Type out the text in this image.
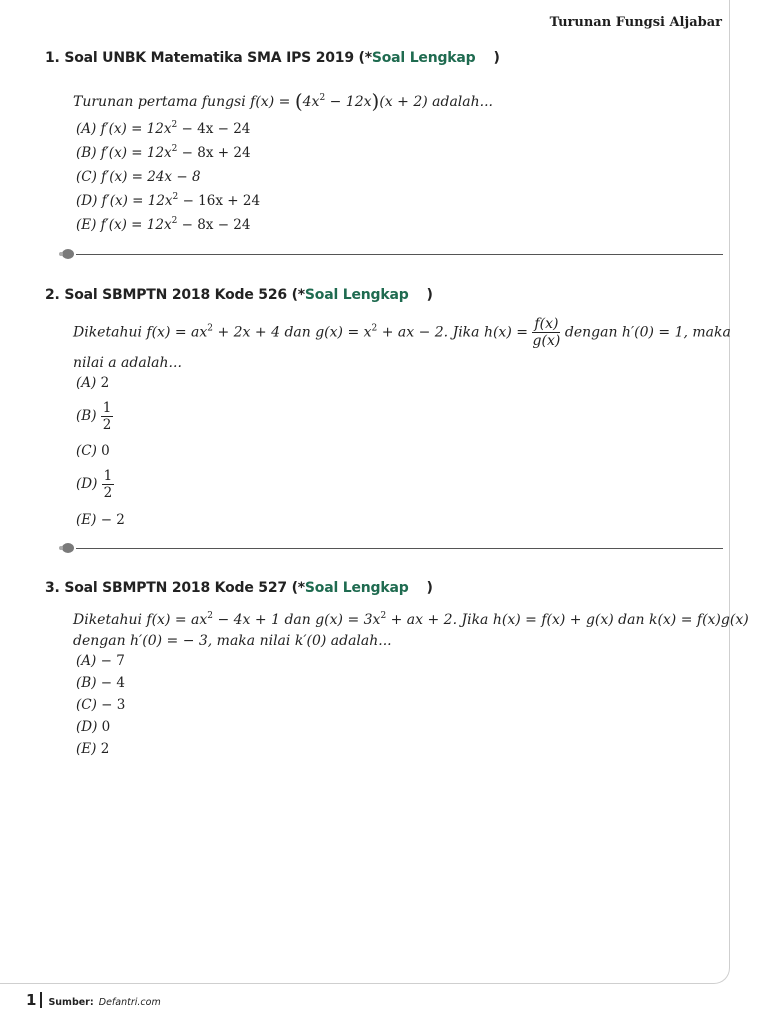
Turunan Fungsi Aljabar
1. Soal UNBK Matematika SMA IPS 2019 (*Soal Lengkap )
Turunan pertama fungsi $f(x) = (4x^2 - 12x)(x + 2)$ adalah...
(A) $f'(x) = 12x^2 - 4x - 24$
(B) $f'(x) = 12x^2 - 8x + 24$
(C) f′(x) = 24x − 8
(D) $f'(x) = 12x^2 - 16x + 24$
(E) $f'(x) = 12x^2 - 8x - 24$
2. Soal SBMPTN 2018 Kode 526 (*Soal Lengkap )
Diketahui $f(x) = ax^2 + 2x + 4$ dan $g(x) = x^2$ + ax − 2. Jika $h(x) = \frac{f(x)}{g(x)}$ dengan h′(0) = 1, maka
nilai a adalah...
(A) 2
$(B) \frac{1}{2}$
(C) 0
$(D) \frac{1}{2}$
(E) − 2
3. Soal SBMPTN 2018 Kode 527 (*Soal Lengkap )
Diketahui $f(x) = ax^2 - 4x + 1$ dan $g(x) = 3x^2$ + ax + 2. Jika h(x) = f(x) + g(x) dan k(x) = f(x)g(x)
dengan h′(0) = − 3, maka nilai k′(0) adalah...
(A) − 7
(B) − 4
(C) − 3
(D) 0
(E) 2
1 Sumber: Defantri.com
